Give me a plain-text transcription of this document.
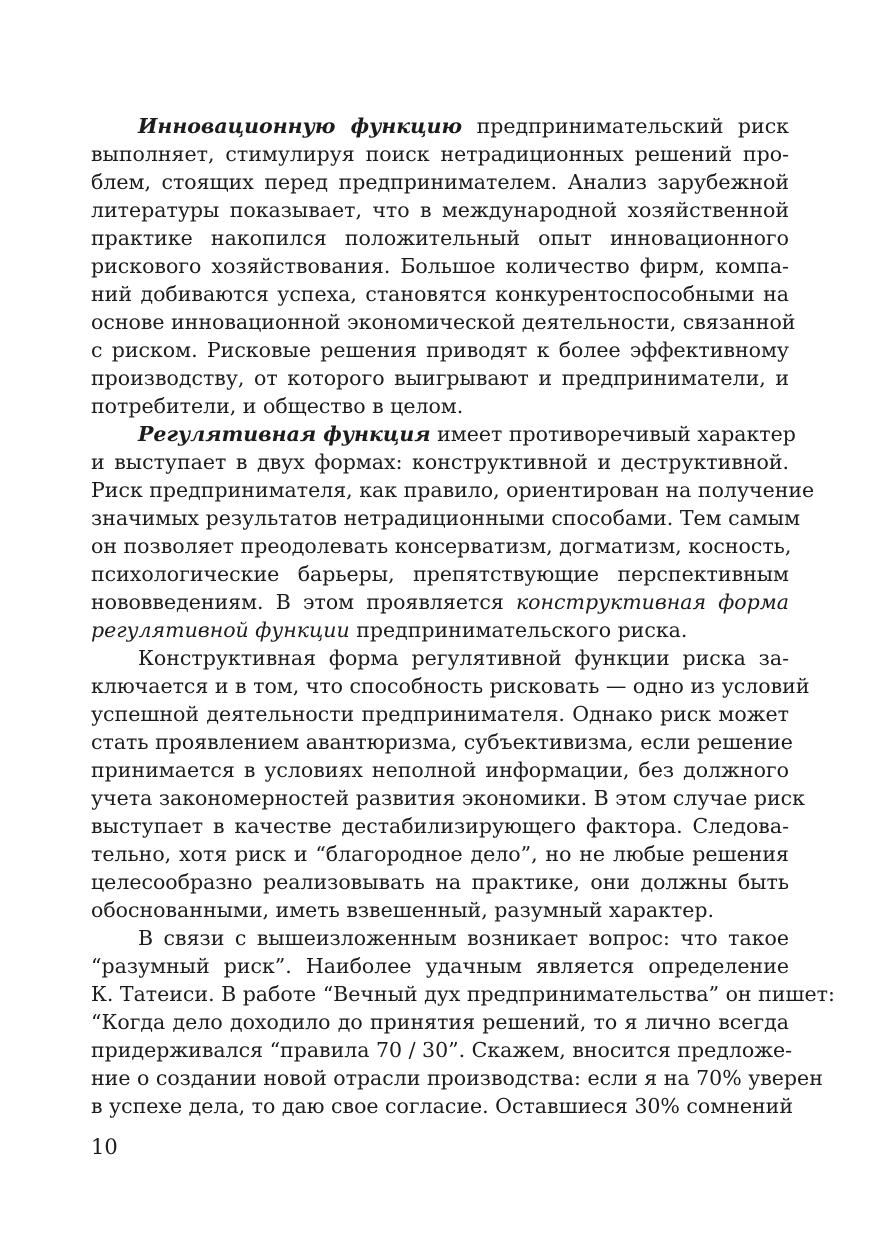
Инновационную функцию предпринимательский риск
выполняет, стимулируя поиск нетрадиционных решений про-
блем, стоящих перед предпринимателем. Анализ зарубежной
литературы показывает, что в международной хозяйственной
практике накопился положительный опыт инновационного
рискового хозяйствования. Большое количество фирм, компа-
ний добиваются успеха, становятся конкурентоспособными на
основе инновационной экономической деятельности, связанной
с риском. Рисковые решения приводят к более эффективному
производству, от которого выигрывают и предприниматели, и
потребители, и общество в целом.
Регулятивная функция имеет противоречивый характер
и выступает в двух формах: конструктивной и деструктивной.
Риск предпринимателя, как правило, ориентирован на получение
значимых результатов нетрадиционными способами. Тем самым
он позволяет преодолевать консерватизм, догматизм, косность,
психологические барьеры, препятствующие перспективным
нововведениям. В этом проявляется конструктивная форма
регулятивной функции предпринимательского риска.
Конструктивная форма регулятивной функции риска за-
ключается и в том, что способность рисковать — одно из условий
успешной деятельности предпринимателя. Однако риск может
стать проявлением авантюризма, субъективизма, если решение
принимается в условиях неполной информации, без должного
учета закономерностей развития экономики. В этом случае риск
выступает в качестве дестабилизирующего фактора. Следова-
тельно, хотя риск и “благородное дело”, но не любые решения
целесообразно реализовывать на практике, они должны быть
обоснованными, иметь взвешенный, разумный характер.
В связи с вышеизложенным возникает вопрос: что такое
“разумный риск”. Наиболее удачным является определение
К. Татеиси. В работе “Вечный дух предпринимательства” он пишет:
“Когда дело доходило до принятия решений, то я лично всегда
придерживался “правила 70 / 30”. Скажем, вносится предложе-
ние о создании новой отрасли производства: если я на 70% уверен
в успехе дела, то даю свое согласие. Оставшиеся 30% сомнений
10
